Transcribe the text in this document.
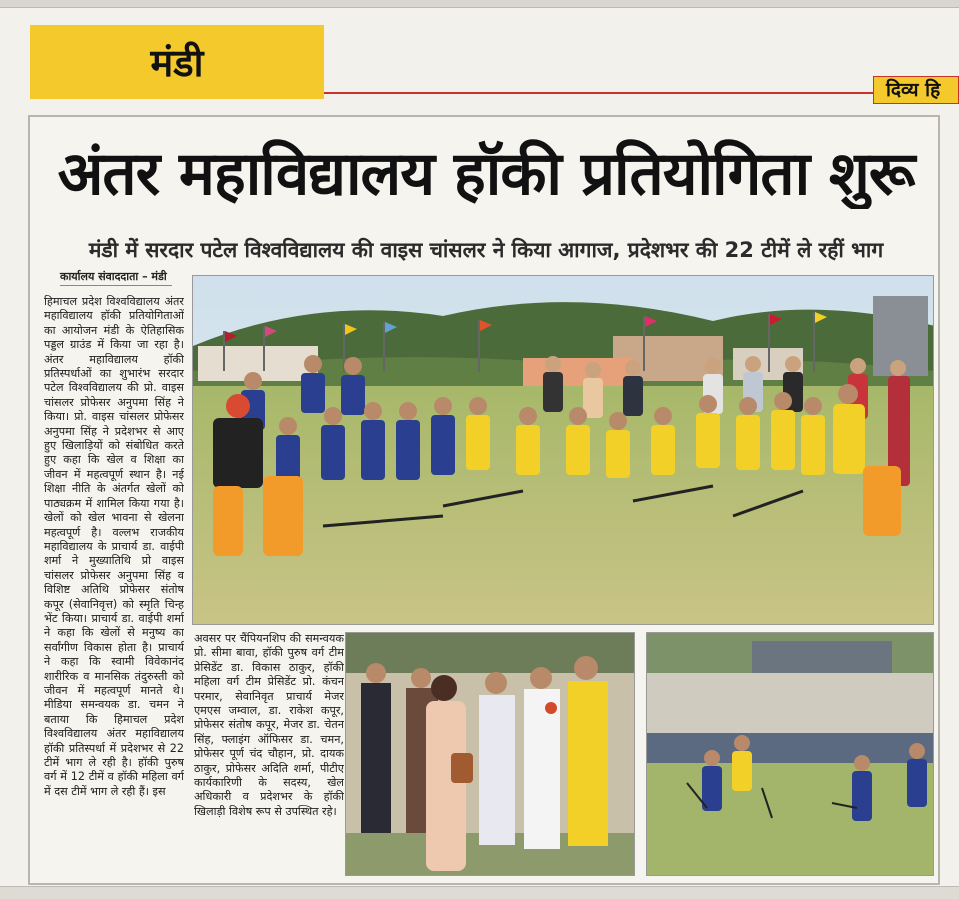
मंडी
दिव्य हि
अंतर महाविद्यालय हॉकी प्रतियोगिता शुरू
मंडी में सरदार पटेल विश्वविद्यालय की वाइस चांसलर ने किया आगाज, प्रदेशभर की 22 टीमें ले रहीं भाग
कार्यालय संवाददाता – मंडी
हिमाचल प्रदेश विश्वविद्यालय अंतर महाविद्यालय हॉकी प्रतियोगिताओं का आयोजन मंडी के ऐतिहासिक पड्डल ग्राउंड में किया जा रहा है। अंतर महाविद्यालय हॉकी प्रतिस्पर्धाओं का शुभारंभ सरदार पटेल विश्वविद्यालय की प्रो. वाइस चांसलर प्रोफेसर अनुपमा सिंह ने किया। प्रो. वाइस चांसलर प्रोफेसर अनुपमा सिंह ने प्रदेशभर से आए हुए खिलाड़ियों को संबोधित करते हुए कहा कि खेल व शिक्षा का जीवन में महत्वपूर्ण स्थान है। नई शिक्षा नीति के अंतर्गत खेलों को पाठ्यक्रम में शामिल किया गया है। खेलों को खेल भावना से खेलना महत्वपूर्ण है। वल्लभ राजकीय महाविद्यालय के प्राचार्य डा. वाईपी शर्मा ने मुख्यातिथि प्रो वाइस चांसलर प्रोफेसर अनुपमा सिंह व विशिष्ट अतिथि प्रोफेसर संतोष कपूर (सेवानिवृत्त) को स्मृति चिन्ह भेंट किया। प्राचार्य डा. वाईपी शर्मा ने कहा कि खेलों से मनुष्य का सर्वांगीण विकास होता है। प्राचार्य ने कहा कि स्वामी विवेकानंद शारीरिक व मानसिक तंदुरुस्ती को जीवन में महत्वपूर्ण मानते थे। मीडिया समन्वयक डा. चमन ने बताया कि हिमाचल प्रदेश विश्वविद्यालय अंतर महाविद्यालय हॉकी प्रतिस्पर्धा में प्रदेशभर से 22 टीमें भाग ले रही है। हॉकी पुरुष वर्ग में 12 टीमें व हॉकी महिला वर्ग में दस टीमें भाग ले रही हैं। इस
अवसर पर चैंपियनशिप की समन्वयक प्रो. सीमा बावा, हॉकी पुरुष वर्ग टीम प्रेसिडेंट डा. विकास ठाकुर, हॉकी महिला वर्ग टीम प्रेसिडेंट प्रो. कंचन परमार, सेवानिवृत प्राचार्य मेजर एमएस जम्वाल, डा. राकेश कपूर, प्रोफेसर संतोष कपूर, मेजर डा. चेतन सिंह, फ्लाइंग ऑफिसर डा. चमन, प्रोफेसर पूर्ण चंद चौहान, प्रो. दायक ठाकुर, प्रोफेसर अदिति शर्मा, पीटीए कार्यकारिणी के सदस्य, खेल अधिकारी व प्रदेशभर के हॉकी खिलाड़ी विशेष रूप से उपस्थित रहे।
